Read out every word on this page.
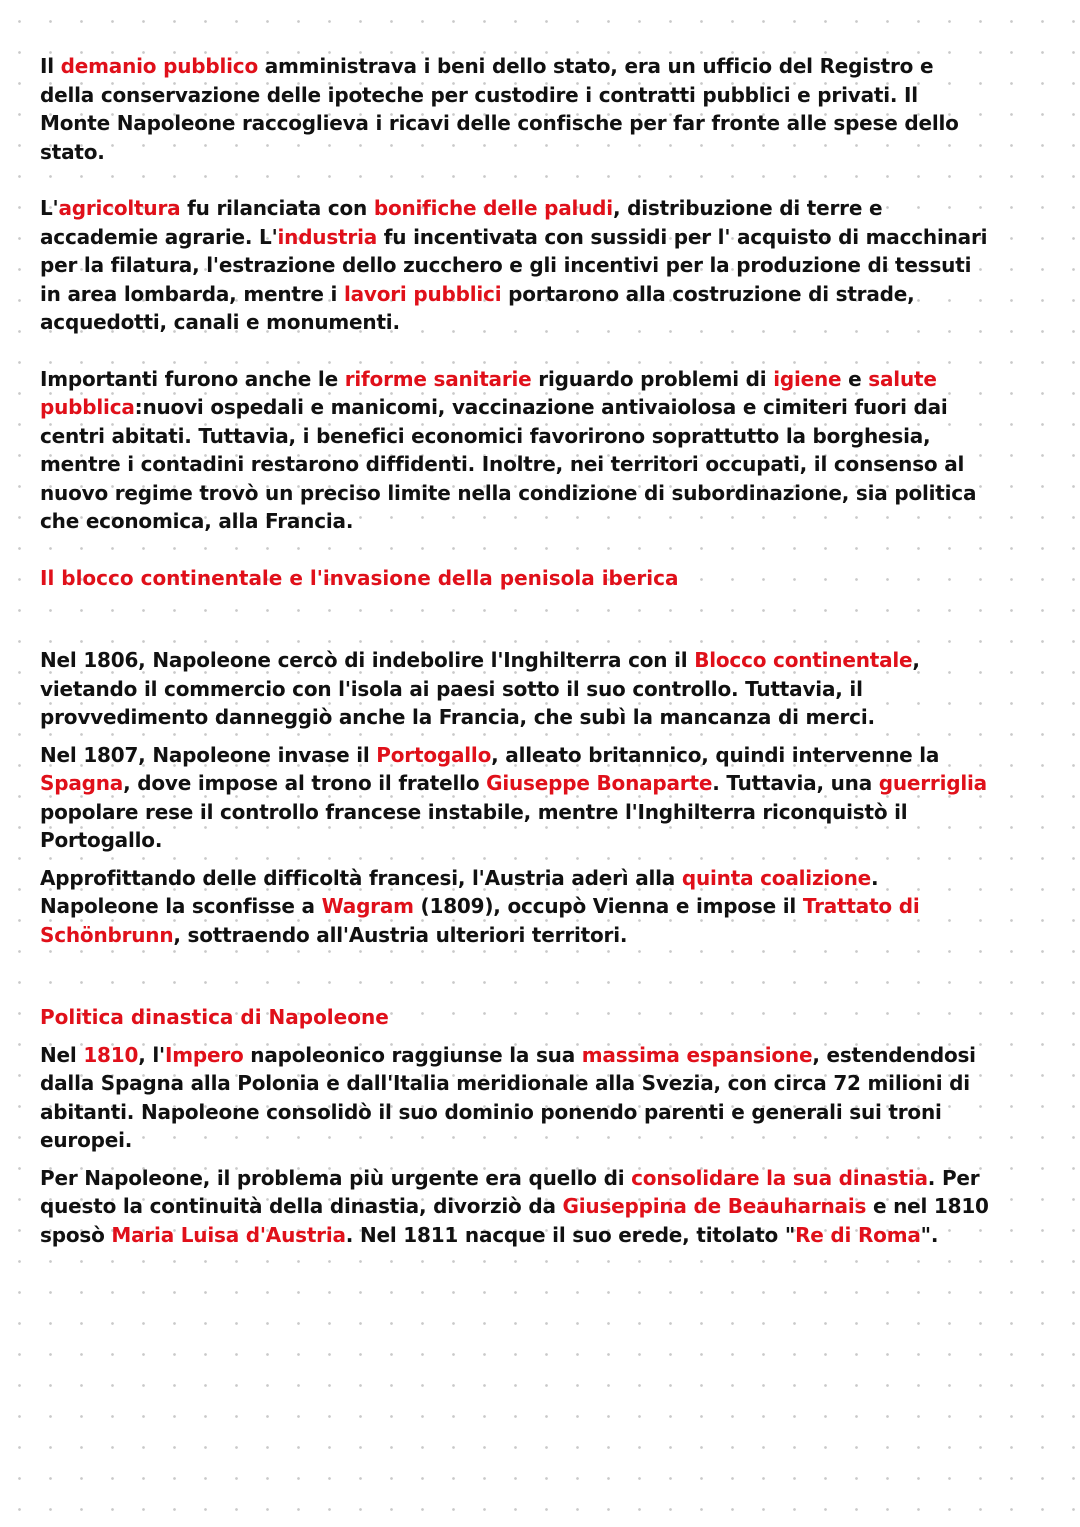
Il demanio pubblico amministrava i beni dello stato, era un ufficio del Registro e della conservazione delle ipoteche per custodire i contratti pubblici e privati. Il Monte Napoleone raccoglieva i ricavi delle confische per far fronte alle spese dello stato.

L'agricoltura fu rilanciata con bonifiche delle paludi, distribuzione di terre e accademie agrarie. L'industria fu incentivata con sussidi per l' acquisto di macchinari per la filatura, l'estrazione dello zucchero e gli incentivi per la produzione di tessuti in area lombarda, mentre i lavori pubblici portarono alla costruzione di strade, acquedotti, canali e monumenti.

Importanti furono anche le riforme sanitarie riguardo problemi di igiene e salute pubblica:nuovi ospedali e manicomi, vaccinazione antivaiolosa e cimiteri fuori dai centri abitati. Tuttavia, i benefici economici favorirono soprattutto la borghesia, mentre i contadini restarono diffidenti. Inoltre, nei territori occupati, il consenso al nuovo regime trovò un preciso limite nella condizione di subordinazione, sia politica che economica, alla Francia.

Il blocco continentale e l'invasione della penisola iberica

Nel 1806, Napoleone cercò di indebolire l'Inghilterra con il Blocco continentale, vietando il commercio con l'isola ai paesi sotto il suo controllo. Tuttavia, il provvedimento danneggiò anche la Francia, che subì la mancanza di merci.

Nel 1807, Napoleone invase il Portogallo, alleato britannico, quindi intervenne la Spagna, dove impose al trono il fratello Giuseppe Bonaparte. Tuttavia, una guerriglia popolare rese il controllo francese instabile, mentre l'Inghilterra riconquistò il Portogallo.

Approfittando delle difficoltà francesi, l'Austria aderì alla quinta coalizione. Napoleone la sconfisse a Wagram (1809), occupò Vienna e impose il Trattato di Schönbrunn, sottraendo all'Austria ulteriori territori.

Politica dinastica di Napoleone

Nel 1810, l'Impero napoleonico raggiunse la sua massima espansione, estendendosi dalla Spagna alla Polonia e dall'Italia meridionale alla Svezia, con circa 72 milioni di abitanti. Napoleone consolidò il suo dominio ponendo parenti e generali sui troni europei.

Per Napoleone, il problema più urgente era quello di consolidare la sua dinastia. Per questo la continuità della dinastia, divorziò da Giuseppina de Beauharnais e nel 1810 sposò Maria Luisa d'Austria. Nel 1811 nacque il suo erede, titolato "Re di Roma".
